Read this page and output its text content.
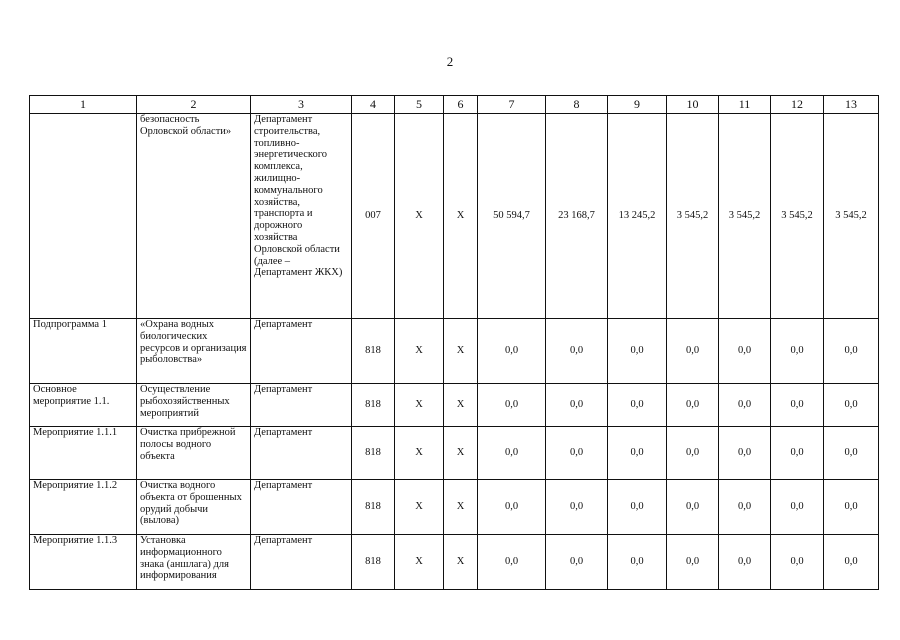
2
1	2	3	4	5	6	7	8	9	10	11	12	13
	безопасность Орловской области»	Департамент строительства, топливно-энергетического комплекса, жилищно-коммунального хозяйства, транспорта и дорожного хозяйства Орловской области (далее – Департамент ЖКХ)	007	X	X	50 594,7	23 168,7	13 245,2	3 545,2	3 545,2	3 545,2	3 545,2
Подпрограмма 1	«Охрана водных биологических ресурсов и организация рыболовства»	Департамент	818	X	X	0,0	0,0	0,0	0,0	0,0	0,0	0,0
Основное мероприятие 1.1.	Осуществление рыбохозяйственных мероприятий	Департамент	818	X	X	0,0	0,0	0,0	0,0	0,0	0,0	0,0
Мероприятие 1.1.1	Очистка прибрежной полосы водного объекта	Департамент	818	X	X	0,0	0,0	0,0	0,0	0,0	0,0	0,0
Мероприятие 1.1.2	Очистка водного объекта от брошенных орудий добычи (вылова)	Департамент	818	X	X	0,0	0,0	0,0	0,0	0,0	0,0	0,0
Мероприятие 1.1.3	Установка информационного знака (аншлага) для информирования	Департамент	818	X	X	0,0	0,0	0,0	0,0	0,0	0,0	0,0
